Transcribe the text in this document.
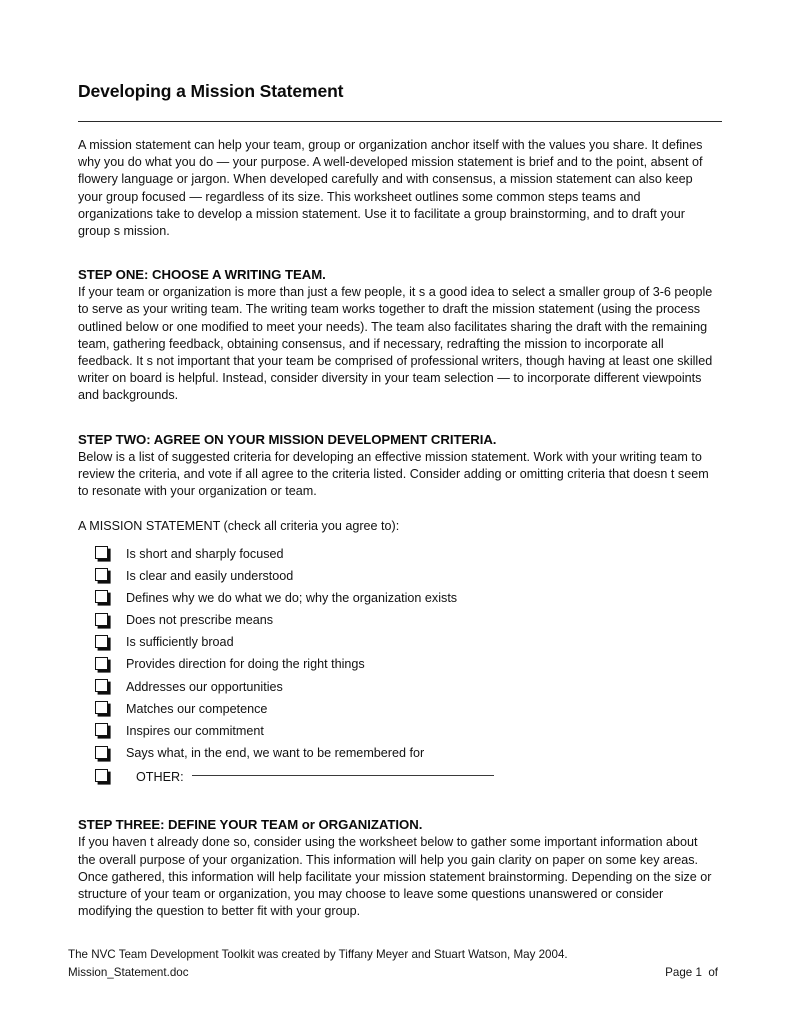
Developing a Mission Statement

A mission statement can help your team, group or organization anchor itself with the values you share. It defines why you do what you do — your purpose. A well-developed mission statement is brief and to the point, absent of flowery language or jargon. When developed carefully and with consensus, a mission statement can also keep your group focused — regardless of its size. This worksheet outlines some common steps teams and organizations take to develop a mission statement. Use it to facilitate a group brainstorming, and to draft your group s mission.

STEP ONE: CHOOSE A WRITING TEAM.

If your team or organization is more than just a few people, it s a good idea to select a smaller group of 3-6 people to serve as your writing team. The writing team works together to draft the mission statement (using the process outlined below or one modified to meet your needs). The team also facilitates sharing the draft with the remaining team, gathering feedback, obtaining consensus, and if necessary, redrafting the mission to incorporate all feedback. It s not important that your team be comprised of professional writers, though having at least one skilled writer on board is helpful. Instead, consider diversity in your team selection — to incorporate different viewpoints and backgrounds.

STEP TWO: AGREE ON YOUR MISSION DEVELOPMENT CRITERIA.

Below is a list of suggested criteria for developing an effective mission statement. Work with your writing team to review the criteria, and vote if all agree to the criteria listed. Consider adding or omitting criteria that doesn t seem to resonate with your organization or team.

A MISSION STATEMENT (check all criteria you agree to):

Is short and sharply focused
Is clear and easily understood
Defines why we do what we do; why the organization exists
Does not prescribe means
Is sufficiently broad
Provides direction for doing the right things
Addresses our opportunities
Matches our competence
Inspires our commitment
Says what, in the end, we want to be remembered for
OTHER:
STEP THREE: DEFINE YOUR TEAM or ORGANIZATION.

If you haven t already done so, consider using the worksheet below to gather some important information about the overall purpose of your organization. This information will help you gain clarity on paper on some key areas. Once gathered, this information will help facilitate your mission statement brainstorming. Depending on the size or structure of your team or organization, you may choose to leave some questions unanswered or consider modifying the question to better fit with your group.

The NVC Team Development Toolkit was created by Tiffany Meyer and Stuart Watson, May 2004.

Mission_Statement.doc	Page 1  of
